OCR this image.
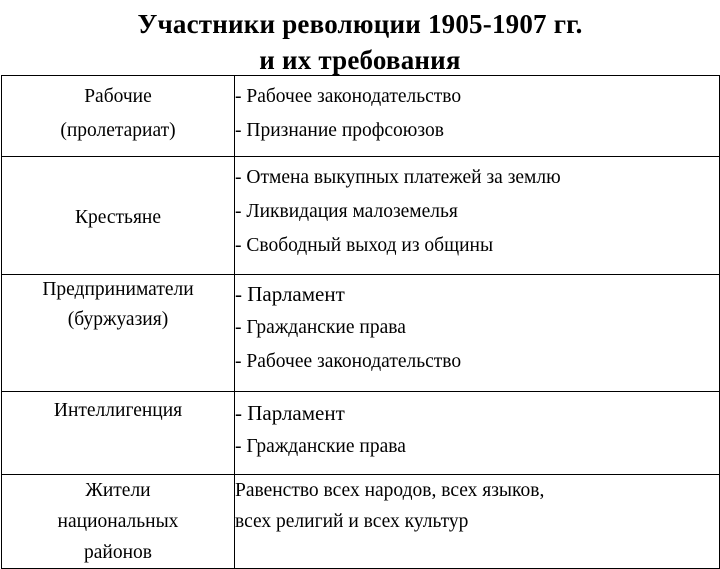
Участники революции 1905-1907 гг.
и их требования
Рабочие
(пролетариат)	- Рабочее законодательство
- Признание профсоюзов

Крестьяне	- Отмена выкупных платежей за землю
- Ликвидация малоземелья
- Свободный выход из общины

Предприниматели
(буржуазия)	- Парламент
- Гражданские права
- Рабочее законодательство

Интеллигенция	- Парламент
- Гражданские права

Жители
национальных
районов	Равенство всех народов, всех языков,
всех религий и всех культур
